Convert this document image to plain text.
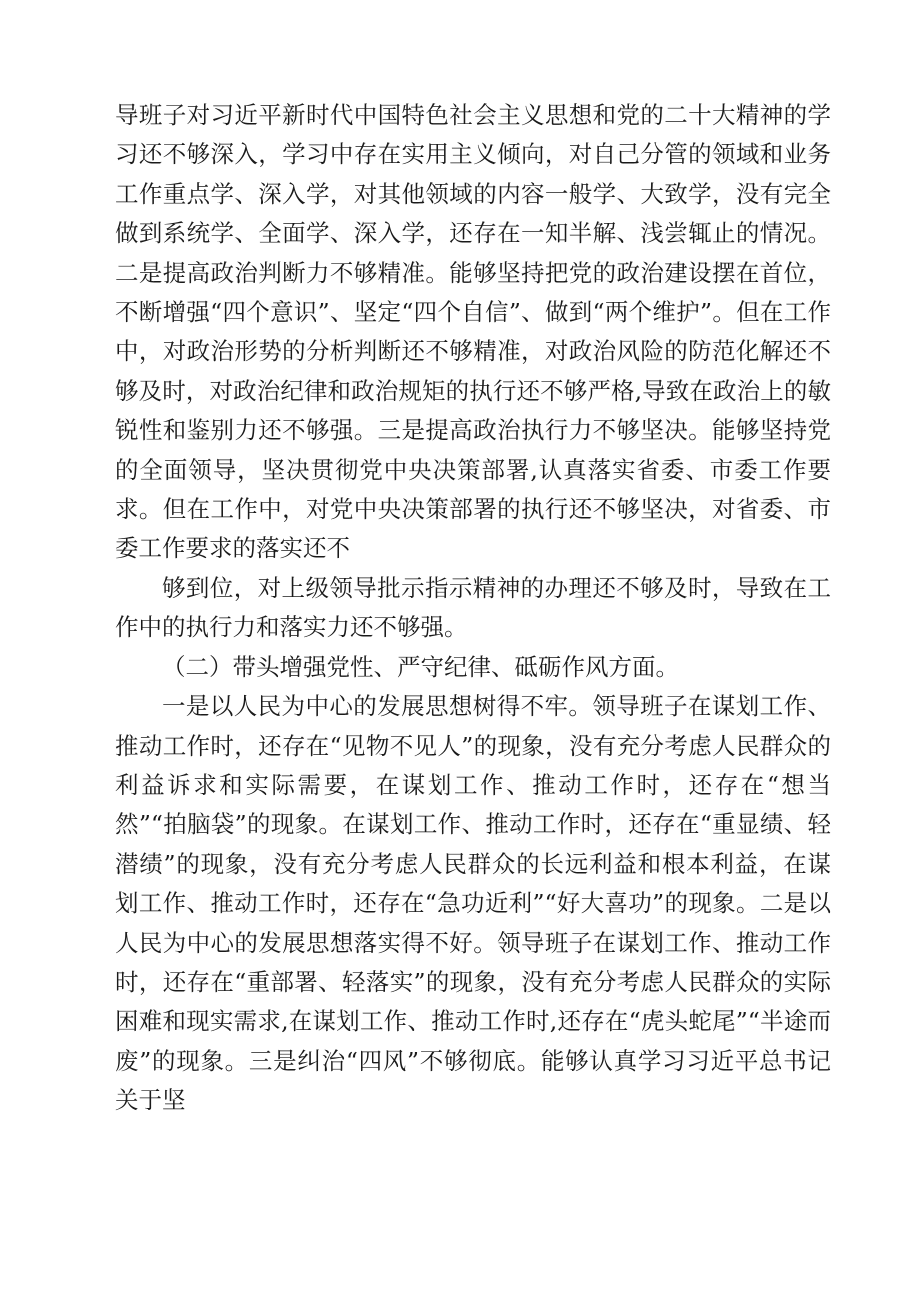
导班子对习近平新时代中国特色社会主义思想和党的二十大精神的学习还不够深入，学习中存在实用主义倾向，对自己分管的领域和业务工作重点学、深入学，对其他领域的内容一般学、大致学，没有完全做到系统学、全面学、深入学，还存在一知半解、浅尝辄止的情况。二是提高政治判断力不够精准。能够坚持把党的政治建设摆在首位，不断增强“四个意识”、坚定“四个自信”、做到“两个维护”。但在工作中，对政治形势的分析判断还不够精准，对政治风险的防范化解还不够及时，对政治纪律和政治规矩的执行还不够严格,导致在政治上的敏锐性和鉴别力还不够强。三是提高政治执行力不够坚决。能够坚持党的全面领导，坚决贯彻党中央决策部署,认真落实省委、市委工作要求。但在工作中，对党中央决策部署的执行还不够坚决，对省委、市委工作要求的落实还不

够到位，对上级领导批示指示精神的办理还不够及时，导致在工作中的执行力和落实力还不够强。

（二）带头增强党性、严守纪律、砥砺作风方面。

一是以人民为中心的发展思想树得不牢。领导班子在谋划工作、推动工作时，还存在“见物不见人”的现象，没有充分考虑人民群众的利益诉求和实际需要，在谋划工作、推动工作时，还存在“想当然”“拍脑袋”的现象。在谋划工作、推动工作时，还存在“重显绩、轻潜绩”的现象，没有充分考虑人民群众的长远利益和根本利益，在谋划工作、推动工作时，还存在“急功近利”“好大喜功”的现象。二是以人民为中心的发展思想落实得不好。领导班子在谋划工作、推动工作时，还存在“重部署、轻落实”的现象，没有充分考虑人民群众的实际困难和现实需求,在谋划工作、推动工作时,还存在“虎头蛇尾”“半途而废”的现象。三是纠治“四风”不够彻底。能够认真学习习近平总书记关于坚
